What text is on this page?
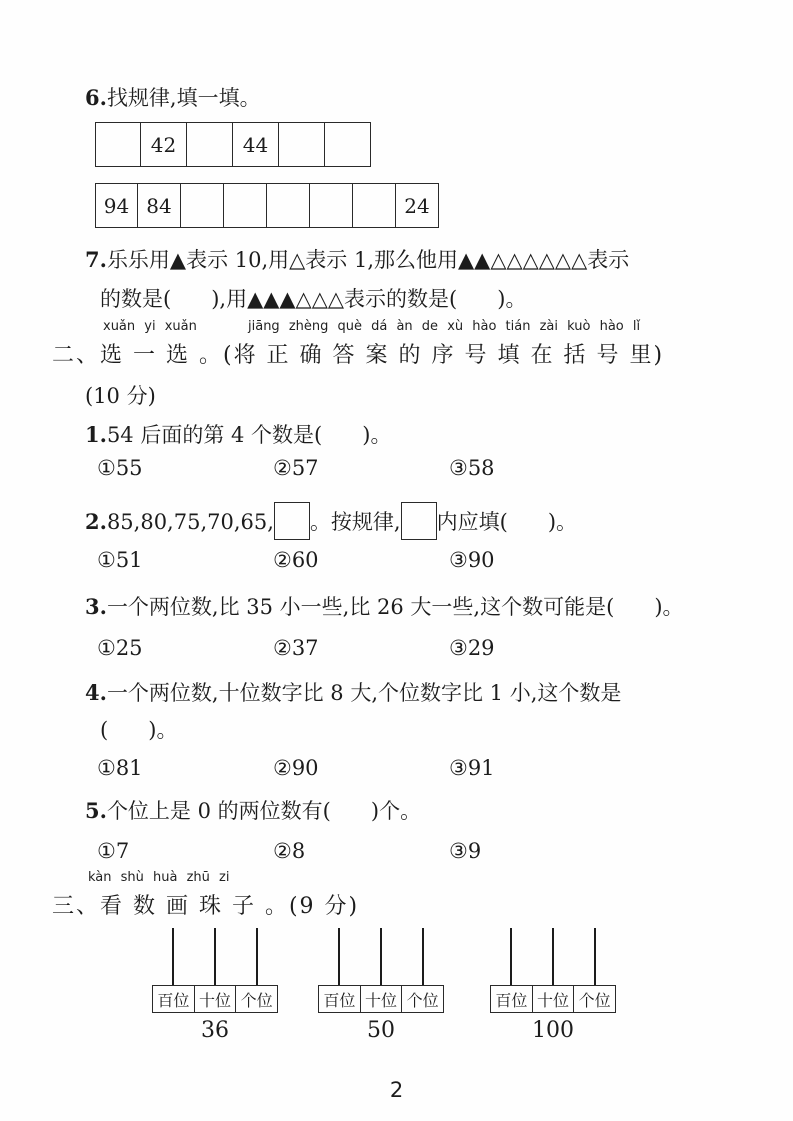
6.找规律,填一填。
42	44
94 84	24
7.乐乐用▲表示 10,用△表示 1,那么他用▲▲△△△△△△表示
的数是(      ),用▲▲▲△△△表示的数是(      )。
xuǎn yi xuǎn	jiāng zhèng què dá àn de xù hào tián zài kuò hào lǐ
二、选 一 选 。(将 正 确 答 案 的 序 号 填 在 括 号 里)
(10 分)
1.54 后面的第 4 个数是(      )。
①55	②57	③58
2.85,80,75,70,65, 。按规律, 内应填(      )。
①51	②60	③90
3.一个两位数,比 35 小一些,比 26 大一些,这个数可能是(      )。
①25	②37	③29
4.一个两位数,十位数字比 8 大,个位数字比 1 小,这个数是
(      )。
①81	②90	③91
5.个位上是 0 的两位数有(      )个。
①7	②8	③9
kàn shù huà zhū zi
三、看 数 画 珠 子 。(9 分)
百位 十位 个位
36
百位 十位 个位
50
百位 十位 个位
100
2
